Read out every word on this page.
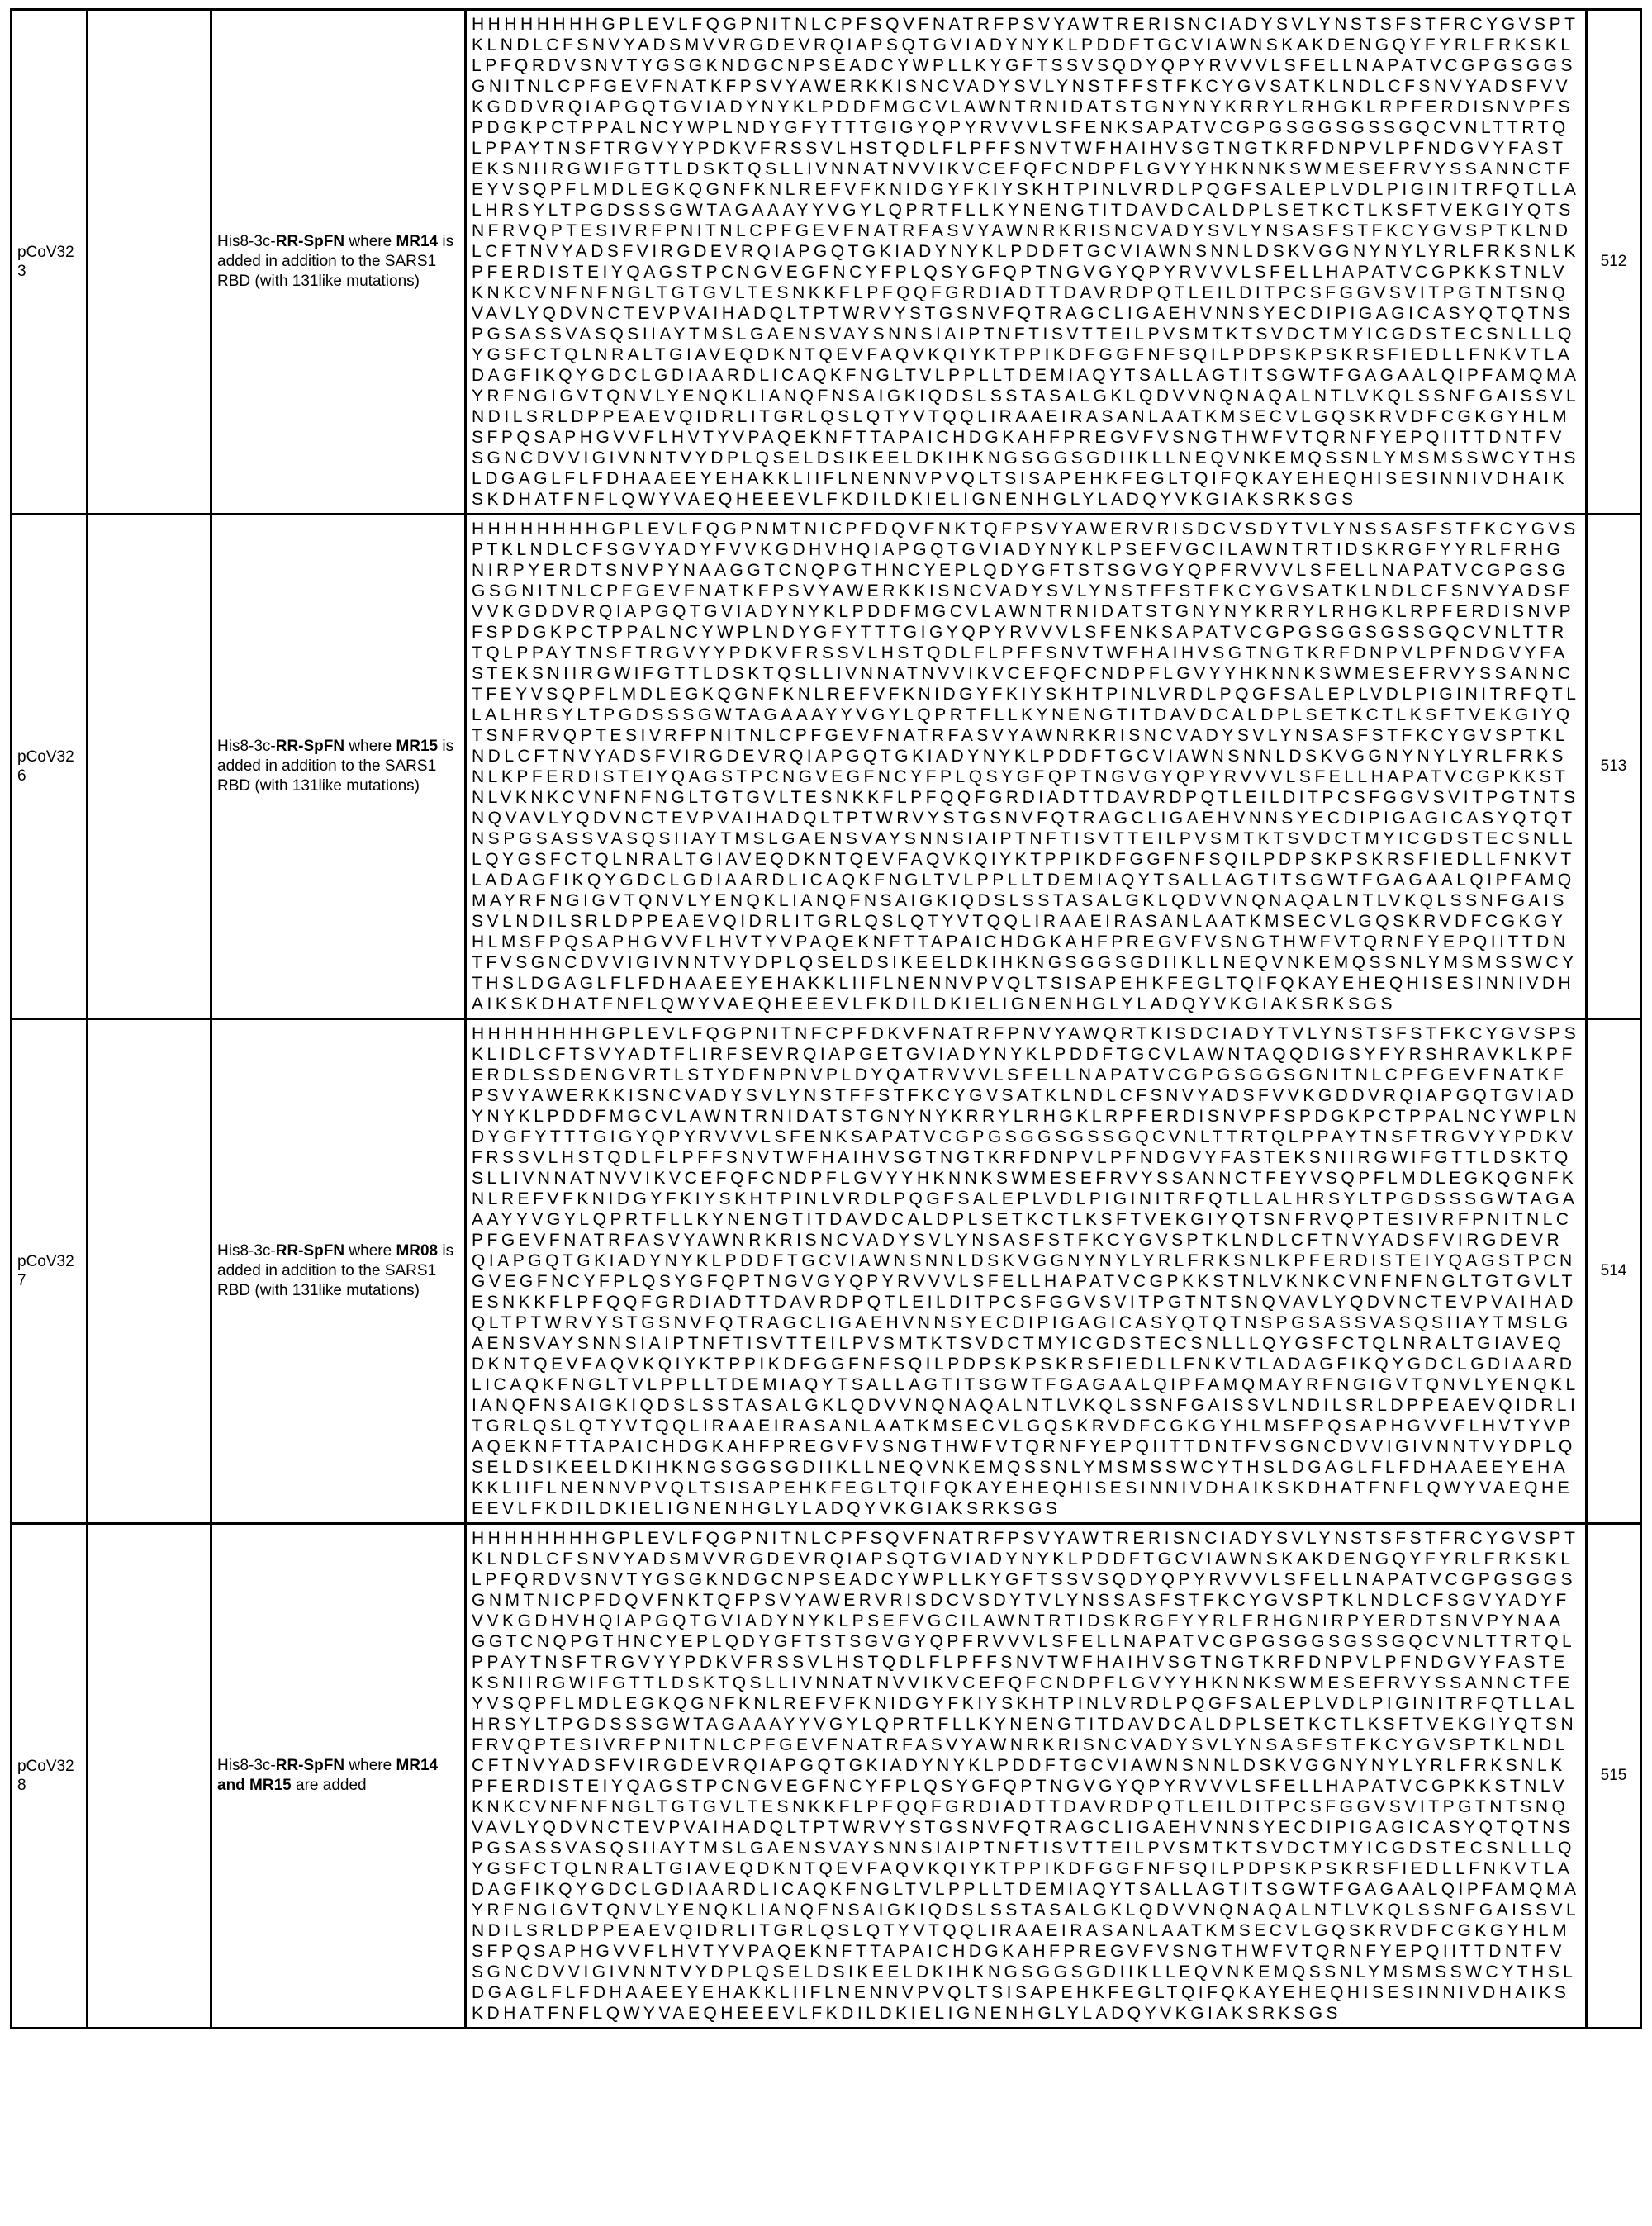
pCoV323		His8-3c-RR-SpFN where MR14 is added in addition to the SARS1 RBD (with 131like mutations)	HHHHHHHHGPLEVLFQGPNITNLCPFSQVFNATRFPSVYAWTRERISNCIADYSVLYNSTSFSTFRCYGVSPTKLNDLCFSNVYADSMVVRGDEVRQIAPSQTGVIADYNYKLPDDFTGCVIAWNSKAKDENGQYFYRLFRKSKLLPFQRDVSNVTYGSGKNDGCNPSEADCYWPLLKYGFTSSVSQDYQPYRVVVLSFELLNAPATVCGPGSGGSGNITNLCPFGEVFNATKFPSVYAWERKKISNCVADYSVLYNSTFFSTFKCYGVSATKLNDLCFSNVYADSFVVKGDDVRQIAPGQTGVIADYNYKLPDDFMGCVLAWNTRNIDATSTGNYNYKRRYLRHGKLRPFERDISNVPFSPDGKPCTPPALNCYWPLNDYGFYTTTGIGYQPYRVVVLSFENKSAPATVCGPGSGGSGSSGQCVNLTTRTQLPPAYTNSFTRGVYYPDKVFRSSVLHSTQDLFLPFFSNVTWFHAIHVSGTNGTKRFDNPVLPFNDGVYFASTEKSNIIRGWIFGTTLDSKTQSLLIVNNATNVVIKVCEFQFCNDPFLGVYYHKNNKSWMESEFRVYSSANNCTFEYVSQPFLMDLEGKQGNFKNLREFVFKNIDGYFKIYSKHTPINLVRDLPQGFSALEPLVDLPIGINITRFQTLLALHRSYLTPGDSSSGWTAGAAAYYVGYLQPRTFLLKYNENGTITDAVDCALDPLSETKCTLKSFTVEKGIYQTSNFRVQPTESIVRFPNITNLCPFGEVFNATRFASVYAWNRKRISNCVADYSVLYNSASFSTFKCYGVSPTKLNDLCFTNVYADSFVIRGDEVRQIAPGQTGKIADYNYKLPDDFTGCVIAWNSNNLDSKVGGNYNYLYRLFRKSNLKPFERDISTEIYQAGSTPCNGVEGFNCYFPLQSYGFQPTNGVGYQPYRVVVLSFELLHAPATVCGPKKSTNLVKNKCVNFNFNGLTGTGVLTESNKKFLPFQQFGRDIADTTDAVRDPQTLEILDITPCSFGGVSVITPGTNTSNQVAVLYQDVNCTEVPVAIHADQLTPTWRVYSTGSNVFQTRAGCLIGAEHVNNSYECDIPIGAGICASYQTQTNSPGSASSVASQSIIAYTMSLGAENSVAYSNNSIAIPTNFTISVTTEILPVSMTKTSVDCTMYICGDSTECSNLLLQYGSFCTQLNRALTGIAVEQDKNTQEVFAQVKQIYKTPPIKDFGGFNFSQILPDPSKPSKRSFIEDLLFNKVTLADAGFIKQYGDCLGDIAARDLICAQKFNGLTVLPPLLTDEMIAQYTSALLAGTITSGWTFGAGAALQIPFAMQMAYRFNGIGVTQNVLYENQKLIANQFNSAIGKIQDSLSSTASALGKLQDVVNQNAQALNTLVKQLSSNFGAISSVLNDILSRLDPPEAEVQIDRLITGRLQSLQTYVTQQLIRAAEIRASANLAATKMSECVLGQSKRVDFCGKGYHLMSFPQSAPHGVVFLHVTYVPAQEKNFTTAPAICHDGKAHFPREGVFVSNGTHWFVTQRNFYEPQIITTDNTFVSGNCDVVIGIVNNTVYDPLQSELDSIKEELDKIHKNGSGGSGDIIKLLNEQVNKEMQSSNLYMSMSSWCYTHSLDGAGLFLFDHAAEEYEHAKKLIIFLNENNVPVQLTSISAPEHKFEGLTQIFQKAYEHEQHISESINNIVDHAIKSKDHATFNFLQWYVAEQHEEEVLFKDILDKIELIGNENHGLYLADQYVKGIAKSRKSGS	512
pCoV326		His8-3c-RR-SpFN where MR15 is added in addition to the SARS1 RBD (with 131like mutations)	HHHHHHHHGPLEVLFQGPNMTNICPFDQVFNKTQFPSVYAWERVRISDCVSDYTVLYNSSASFSTFKCYGVSPTKLNDLCFSGVYADYFVVKGDHVHQIAPGQTGVIADYNYKLPSEFVGCILAWNTRTIDSKRGFYYRLFRHGNIRPYERDTSNVPYNAAGGTCNQPGTHNCYEPLQDYGFTSTSGVGYQPFRVVVLSFELLNAPATVCGPGSGGSGNITNLCPFGEVFNATKFPSVYAWERKKISNCVADYSVLYNSTFFSTFKCYGVSATKLNDLCFSNVYADSFVVKGDDVRQIAPGQTGVIADYNYKLPDDFMGCVLAWNTRNIDATSTGNYNYKRRYLRHGKLRPFERDISNVPFSPDGKPCTPPALNCYWPLNDYGFYTTTGIGYQPYRVVVLSFENKSAPATVCGPGSGGSGSSGQCVNLTTRTQLPPAYTNSFTRGVYYPDKVFRSSVLHSTQDLFLPFFSNVTWFHAIHVSGTNGTKRFDNPVLPFNDGVYFASTEKSNIIRGWIFGTTLDSKTQSLLIVNNATNVVIKVCEFQFCNDPFLGVYYHKNNKSWMESEFRVYSSANNCTFEYVSQPFLMDLEGKQGNFKNLREFVFKNIDGYFKIYSKHTPINLVRDLPQGFSALEPLVDLPIGINITRFQTLLALHRSYLTPGDSSSGWTAGAAAYYVGYLQPRTFLLKYNENGTITDAVDCALDPLSETKCTLKSFTVEKGIYQTSNFRVQPTESIVRFPNITNLCPFGEVFNATRFASVYAWNRKRISNCVADYSVLYNSASFSTFKCYGVSPTKLNDLCFTNVYADSFVIRGDEVRQIAPGQTGKIADYNYKLPDDFTGCVIAWNSNNLDSKVGGNYNYLYRLFRKSNLKPFERDISTEIYQAGSTPCNGVEGFNCYFPLQSYGFQPTNGVGYQPYRVVVLSFELLHAPATVCGPKKSTNLVKNKCVNFNFNGLTGTGVLTESNKKFLPFQQFGRDIADTTDAVRDPQTLEILDITPCSFGGVSVITPGTNTSNQVAVLYQDVNCTEVPVAIHADQLTPTWRVYSTGSNVFQTRAGCLIGAEHVNNSYECDIPIGAGICASYQTQTNSPGSASSVASQSIIAYTMSLGAENSVAYSNNSIAIPTNFTISVTTEILPVSMTKTSVDCTMYICGDSTECSNLLLQYGSFCTQLNRALTGIAVEQDKNTQEVFAQVKQIYKTPPIKDFGGFNFSQILPDPSKPSKRSFIEDLLFNKVTLADAGFIKQYGDCLGDIAARDLICAQKFNGLTVLPPLLTDEMIAQYTSALLAGTITSGWTFGAGAALQIPFAMQMAYRFNGIGVTQNVLYENQKLIANQFNSAIGKIQDSLSSTASALGKLQDVVNQNAQALNTLVKQLSSNFGAISSVLNDILSRLDPPEAEVQIDRLITGRLQSLQTYVTQQLIRAAEIRASANLAATKMSECVLGQSKRVDFCGKGYHLMSFPQSAPHGVVFLHVTYVPAQEKNFTTAPAICHDGKAHFPREGVFVSNGTHWFVTQRNFYEPQIITTDNTFVSGNCDVVIGIVNNTVYDPLQSELDSIKEELDKIHKNGSGGSGDIIKLLNEQVNKEMQSSNLYMSMSSWCYTHSLDGAGLFLFDHAAEEYEHAKKLIIFLNENNVPVQLTSISAPEHKFEGLTQIFQKAYEHEQHISESINNIVDHAIKSKDHATFNFLQWYVAEQHEEEVLFKDILDKIELIGNENHGLYLADQYVKGIAKSRKSGS	513
pCoV327		His8-3c-RR-SpFN where MR08 is added in addition to the SARS1 RBD (with 131like mutations)	HHHHHHHHGPLEVLFQGPNITNFCPFDKVFNATRFPNVYAWQRTKISDCIADYTVLYNSTSFSTFKCYGVSPSKLIDLCFTSVYADTFLIRFSEVRQIAPGETGVIADYNYKLPDDFTGCVLAWNTAQQDIGSYFYRSHRAVKLKPFERDLSSDENGVRTLSTYDFNPNVPLDYQATRVVVLSFELLNAPATVCGPGSGGSGNITNLCPFGEVFNATKFPSVYAWERKKISNCVADYSVLYNSTFFSTFKCYGVSATKLNDLCFSNVYADSFVVKGDDVRQIAPGQTGVIADYNYKLPDDFMGCVLAWNTRNIDATSTGNYNYKRRYLRHGKLRPFERDISNVPFSPDGKPCTPPALNCYWPLNDYGFYTTTGIGYQPYRVVVLSFENKSAPATVCGPGSGGSGSSGQCVNLTTRTQLPPAYTNSFTRGVYYPDKVFRSSVLHSTQDLFLPFFSNVTWFHAIHVSGTNGTKRFDNPVLPFNDGVYFASTEKSNIIRGWIFGTTLDSKTQSLLIVNNATNVVIKVCEFQFCNDPFLGVYYHKNNKSWMESEFRVYSSANNCTFEYVSQPFLMDLEGKQGNFKNLREFVFKNIDGYFKIYSKHTPINLVRDLPQGFSALEPLVDLPIGINITRFQTLLALHRSYLTPGDSSSGWTAGAAAYYVGYLQPRTFLLKYNENGTITDAVDCALDPLSETKCTLKSFTVEKGIYQTSNFRVQPTESIVRFPNITNLCPFGEVFNATRFASVYAWNRKRISNCVADYSVLYNSASFSTFKCYGVSPTKLNDLCFTNVYADSFVIRGDEVRQIAPGQTGKIADYNYKLPDDFTGCVIAWNSNNLDSKVGGNYNYLYRLFRKSNLKPFERDISTEIYQAGSTPCNGVEGFNCYFPLQSYGFQPTNGVGYQPYRVVVLSFELLHAPATVCGPKKSTNLVKNKCVNFNFNGLTGTGVLTESNKKFLPFQQFGRDIADTTDAVRDPQTLEILDITPCSFGGVSVITPGTNTSNQVAVLYQDVNCTEVPVAIHADQLTPTWRVYSTGSNVFQTRAGCLIGAEHVNNSYECDIPIGAGICASYQTQTNSPGSASSVASQSIIAYTMSLGAENSVAYSNNSIAIPTNFTISVTTEILPVSMTKTSVDCTMYICGDSTECSNLLLQYGSFCTQLNRALTGIAVEQDKNTQEVFAQVKQIYKTPPIKDFGGFNFSQILPDPSKPSKRSFIEDLLFNKVTLADAGFIKQYGDCLGDIAARDLICAQKFNGLTVLPPLLTDEMIAQYTSALLAGTITSGWTFGAGAALQIPFAMQMAYRFNGIGVTQNVLYENQKLIANQFNSAIGKIQDSLSSTASALGKLQDVVNQNAQALNTLVKQLSSNFGAISSVLNDILSRLDPPEAEVQIDRLITGRLQSLQTYVTQQLIRAAEIRASANLAATKMSECVLGQSKRVDFCGKGYHLMSFPQSAPHGVVFLHVTYVPAQEKNFTTAPAICHDGKAHFPREGVFVSNGTHWFVTQRNFYEPQIITTDNTFVSGNCDVVIGIVNNTVYDPLQSELDSIKEELDKIHKNGSGGSGDIIKLLNEQVNKEMQSSNLYMSMSSWCYTHSLDGAGLFLFDHAAEEYEHAKKLIIFLNENNVPVQLTSISAPEHKFEGLTQIFQKAYEHEQHISESINNIVDHAIKSKDHATFNFLQWYVAEQHEEEVLFKDILDKIELIGNENHGLYLADQYVKGIAKSRKSGS	514
pCoV328		His8-3c-RR-SpFN where MR14 and MR15 are added	HHHHHHHHGPLEVLFQGPNITNLCPFSQVFNATRFPSVYAWTRERISNCIADYSVLYNSTSFSTFRCYGVSPTKLNDLCFSNVYADSMVVRGDEVRQIAPSQTGVIADYNYKLPDDFTGCVIAWNSKAKDENGQYFYRLFRKSKLLPFQRDVSNVTYGSGKNDGCNPSEADCYWPLLKYGFTSSVSQDYQPYRVVVLSFELLNAPATVCGPGSGGSGNMTNICPFDQVFNKTQFPSVYAWERVRISDCVSDYTVLYNSSASFSTFKCYGVSPTKLNDLCFSGVYADYFVVKGDHVHQIAPGQTGVIADYNYKLPSEFVGCILAWNTRTIDSKRGFYYRLFRHGNIRPYERDTSNVPYNAAGGTCNQPGTHNCYEPLQDYGFTSTSGVGYQPFRVVVLSFELLNAPATVCGPGSGGSGSSGQCVNLTTRTQLPPAYTNSFTRGVYYPDKVFRSSVLHSTQDLFLPFFSNVTWFHAIHVSGTNGTKRFDNPVLPFNDGVYFASTEKSNIIRGWIFGTTLDSKTQSLLIVNNATNVVIKVCEFQFCNDPFLGVYYHKNNKSWMESEFRVYSSANNCTFEYVSQPFLMDLEGKQGNFKNLREFVFKNIDGYFKIYSKHTPINLVRDLPQGFSALEPLVDLPIGINITRFQTLLALHRSYLTPGDSSSGWTAGAAAYYVGYLQPRTFLLKYNENGTITDAVDCALDPLSETKCTLKSFTVEKGIYQTSNFRVQPTESIVRFPNITNLCPFGEVFNATRFASVYAWNRKRISNCVADYSVLYNSASFSTFKCYGVSPTKLNDLCFTNVYADSFVIRGDEVRQIAPGQTGKIADYNYKLPDDFTGCVIAWNSNNLDSKVGGNYNYLYRLFRKSNLKPFERDISTEIYQAGSTPCNGVEGFNCYFPLQSYGFQPTNGVGYQPYRVVVLSFELLHAPATVCGPKKSTNLVKNKCVNFNFNGLTGTGVLTESNKKFLPFQQFGRDIADTTDAVRDPQTLEILDITPCSFGGVSVITPGTNTSNQVAVLYQDVNCTEVPVAIHADQLTPTWRVYSTGSNVFQTRAGCLIGAEHVNNSYECDIPIGAGICASYQTQTNSPGSASSVASQSIIAYTMSLGAENSVAYSNNSIAIPTNFTISVTTEILPVSMTKTSVDCTMYICGDSTECSNLLLQYGSFCTQLNRALTGIAVEQDKNTQEVFAQVKQIYKTPPIKDFGGFNFSQILPDPSKPSKRSFIEDLLFNKVTLADAGFIKQYGDCLGDIAARDLICAQKFNGLTVLPPLLTDEMIAQYTSALLAGTITSGWTFGAGAALQIPFAMQMAYRFNGIGVTQNVLYENQKLIANQFNSAIGKIQDSLSSTASALGKLQDVVNQNAQALNTLVKQLSSNFGAISSVLNDILSRLDPPEAEVQIDRLITGRLQSLQTYVTQQLIRAAEIRASANLAATKMSECVLGQSKRVDFCGKGYHLMSFPQSAPHGVVFLHVTYVPAQEKNFTTAPAICHDGKAHFPREGVFVSNGTHWFVTQRNFYEPQIITTDNTFVSGNCDVVIGIVNNTVYDPLQSELDSIKEELDKIHKNGSGGSGDIIKLLEQVNKEMQSSNLYMSMSSWCYTHSLDGAGLFLFDHAAEEYEHAKKLIIFLNENNVPVQLTSISAPEHKFEGLTQIFQKAYEHEQHISESINNIVDHAIKSKDHATFNFLQWYVAEQHEEEVLFKDILDKIELIGNENHGLYLADQYVKGIAKSRKSGS	515
